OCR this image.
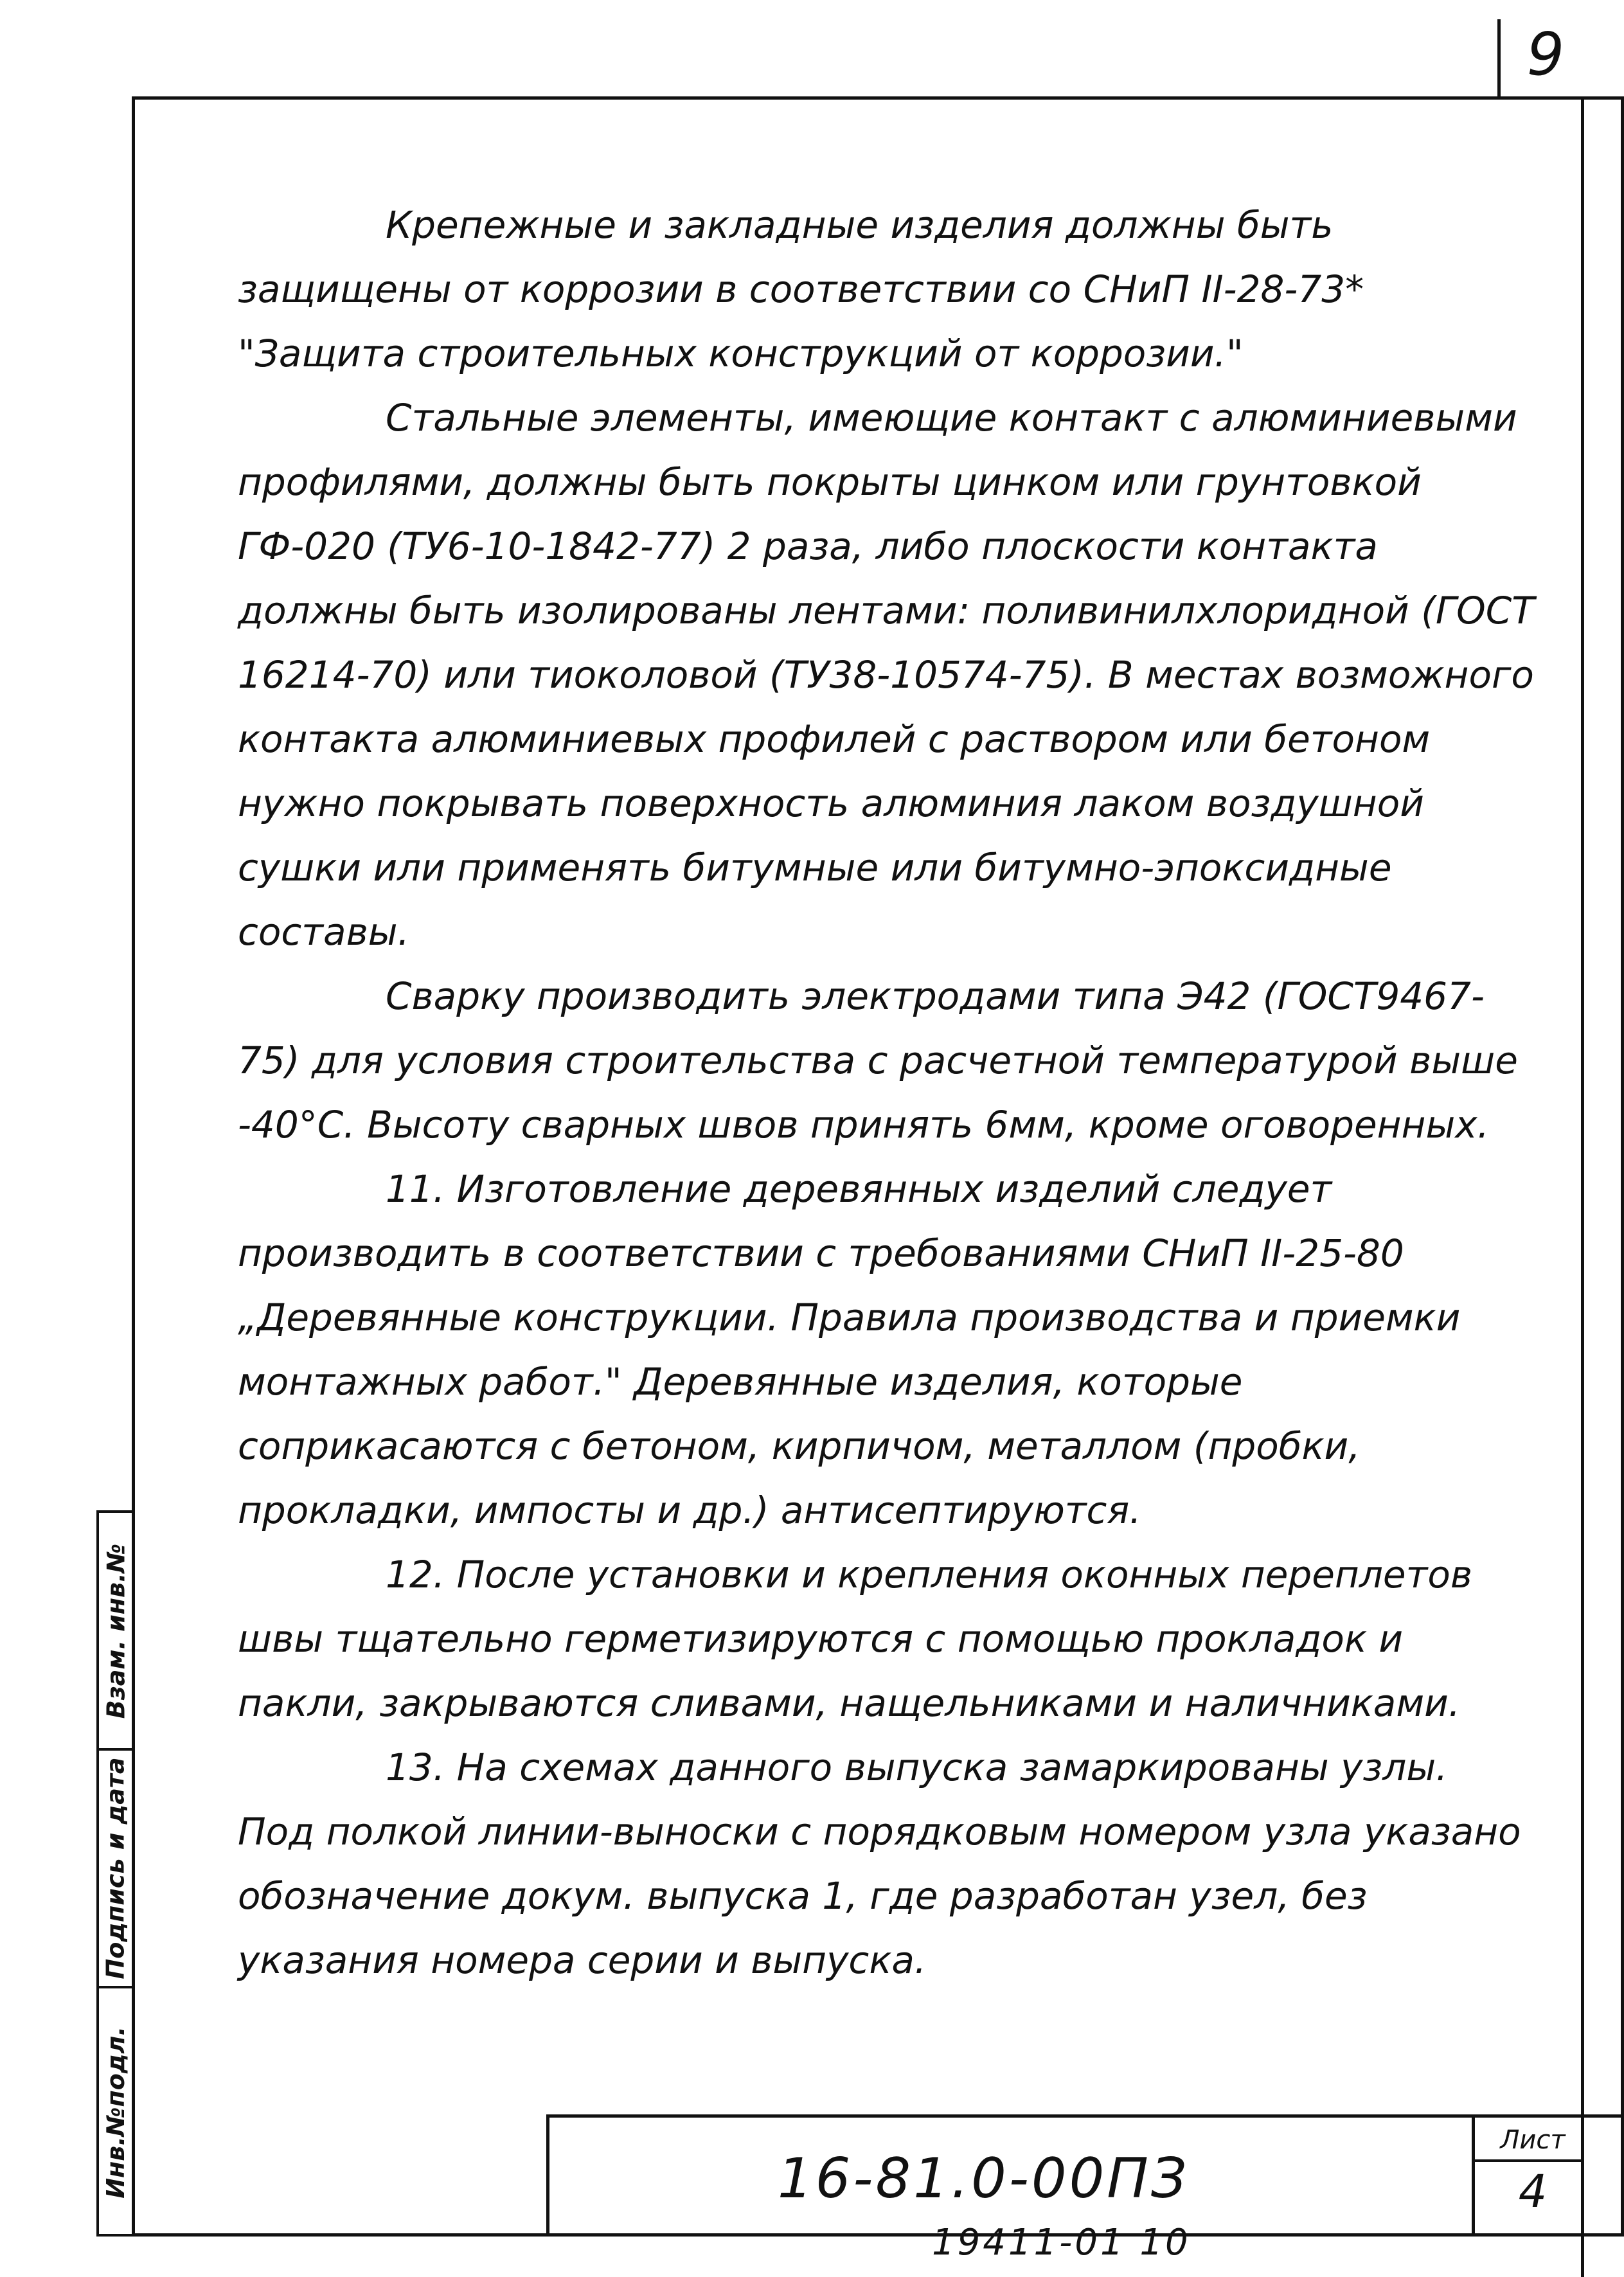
9

Крепежные и закладные изделия должны быть защищены от коррозии в соответствии со СНиП II-28-73* "Защита строительных конструкций от коррозии."

Стальные элементы, имеющие контакт с алюминиевыми профилями, должны быть покрыты цинком или грунтовкой ГФ-020 (ТУ6-10-1842-77) 2 раза, либо плоскости контакта должны быть изолированы лентами: поливинилхлоридной (ГОСТ 16214-70) или тиоколовой (ТУ38-10574-75). В местах возможного контакта алюминиевых профилей с раствором или бетоном нужно покрывать поверхность алюминия лаком воздушной сушки или применять битумные или битумно-эпоксидные составы.

Сварку производить электродами типа Э42 (ГОСТ9467-75) для условия строительства с расчетной температурой выше -40°С. Высоту сварных швов принять 6мм, кроме оговоренных.

11. Изготовление деревянных изделий следует производить в соответствии с требованиями СНиП II-25-80 „Деревянные конструкции. Правила производства и приемки монтажных работ." Деревянные изделия, которые соприкасаются с бетоном, кирпичом, металлом (пробки, прокладки, импосты и др.) антисептируются.

12. После установки и крепления оконных переплетов швы тщательно герметизируются с помощью прокладок и пакли, закрываются сливами, нащельниками и наличниками.

13. На схемах данного выпуска замаркированы узлы. Под полкой линии-выноски с порядковым номером узла указано обозначение докум. выпуска 1, где разработан узел, без указания номера серии и выпуска.

Взам. инв.№
Подпись и дата
Инв.№подл.	16-81.0-00ПЗ
Лист
4
19411-01 10
